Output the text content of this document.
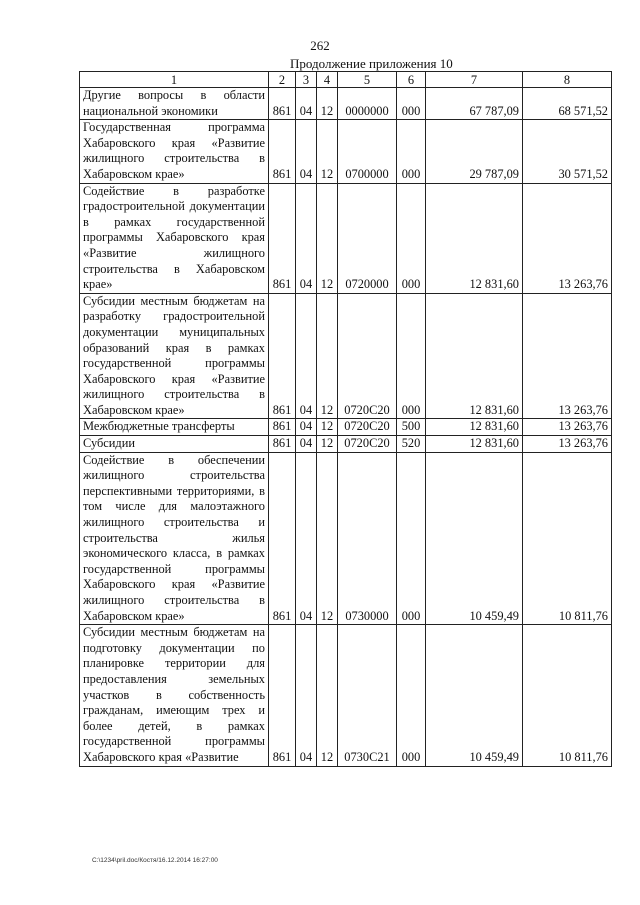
262
Продолжение приложения 10
1	2	3	4	5	6	7	8
Другие вопросы в области национальной экономики	861	04	12	0000000	000	67 787,09	68 571,52
Государственная программа Хабаровского края «Развитие жилищного строительства в Хабаровском крае»	861	04	12	0700000	000	29 787,09	30 571,52
Содействие в разработке градостроительной документации в рамках государственной программы Хабаровского края «Развитие жилищного строительства в Хабаровском крае»	861	04	12	0720000	000	12 831,60	13 263,76
Субсидии местным бюджетам на разработку градостроительной документации муниципальных образований края в рамках государственной программы Хабаровского края «Развитие жилищного строительства в Хабаровском крае»	861	04	12	0720С20	000	12 831,60	13 263,76
Межбюджетные трансферты	861	04	12	0720С20	500	12 831,60	13 263,76
Субсидии	861	04	12	0720С20	520	12 831,60	13 263,76
Содействие в обеспечении жилищного строительства перспективными территориями, в том числе для малоэтажного жилищного строительства и строительства жилья экономического класса, в рамках государственной программы Хабаровского края «Развитие жилищного строительства в Хабаровском крае»	861	04	12	0730000	000	10 459,49	10 811,76
Субсидии местным бюджетам на подготовку документации по планировке территории для предоставления земельных участков в собственность гражданам, имеющим трех и более детей, в рамках государственной программы Хабаровского края «Развитие	861	04	12	0730С21	000	10 459,49	10 811,76
C:\1234\pril.doc/Костя/16.12.2014 16:27:00
